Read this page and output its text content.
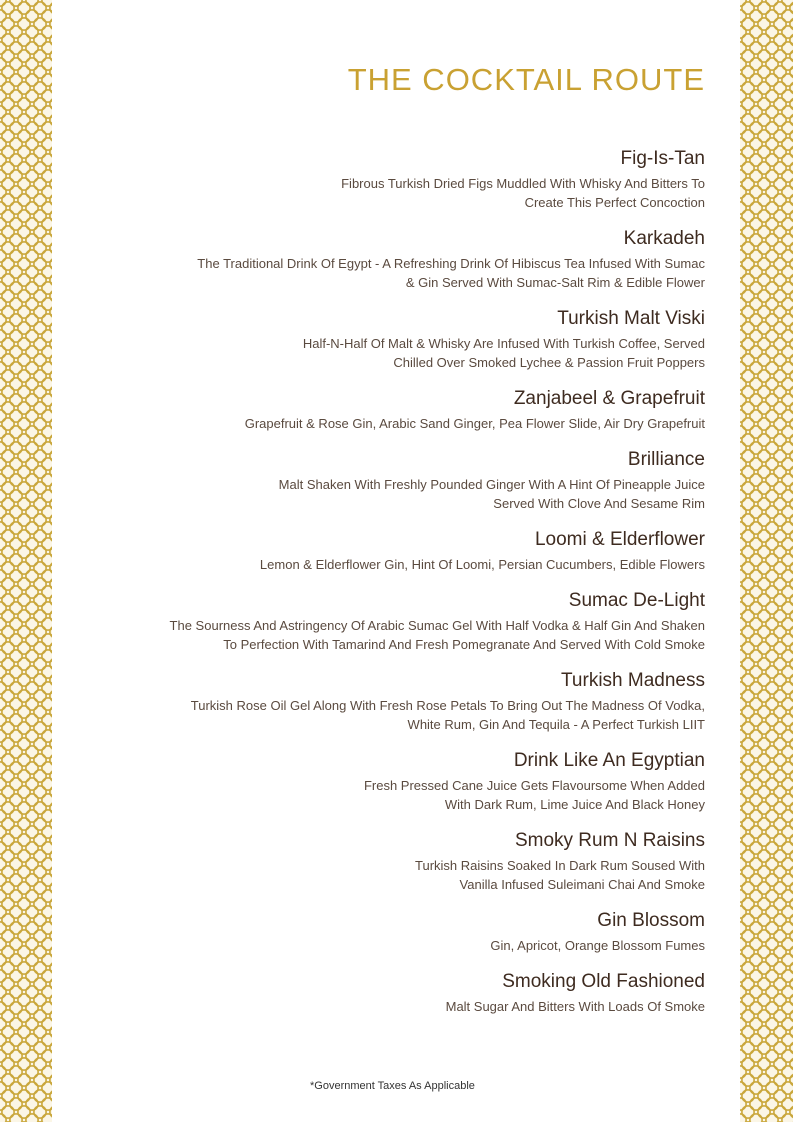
THE COCKTAIL ROUTE
Fig-Is-Tan
Fibrous Turkish Dried Figs Muddled With Whisky And Bitters To
Create This Perfect Concoction
Karkadeh
The Traditional Drink Of Egypt - A Refreshing Drink Of Hibiscus Tea Infused With Sumac
& Gin Served With Sumac-Salt Rim & Edible Flower
Turkish Malt Viski
Half-N-Half Of Malt & Whisky Are Infused With Turkish Coffee, Served
Chilled Over Smoked Lychee & Passion Fruit Poppers
Zanjabeel & Grapefruit
Grapefruit & Rose Gin, Arabic Sand Ginger, Pea Flower Slide, Air Dry Grapefruit
Brilliance
Malt Shaken With Freshly Pounded Ginger With A Hint Of Pineapple Juice
Served With Clove And Sesame Rim
Loomi & Elderflower
Lemon & Elderflower Gin, Hint Of Loomi, Persian Cucumbers, Edible Flowers
Sumac De-Light
The Sourness And Astringency Of Arabic Sumac Gel With Half Vodka & Half Gin And Shaken
To Perfection With Tamarind And Fresh Pomegranate And Served With Cold Smoke
Turkish Madness
Turkish Rose Oil Gel Along With Fresh Rose Petals To Bring Out The Madness Of Vodka,
White Rum, Gin And Tequila - A Perfect Turkish LIIT
Drink Like An Egyptian
Fresh Pressed Cane Juice Gets Flavoursome When Added
With Dark Rum, Lime Juice And Black Honey
Smoky Rum N Raisins
Turkish Raisins Soaked In Dark Rum Soused With
Vanilla Infused Suleimani Chai And Smoke
Gin Blossom
Gin, Apricot, Orange Blossom Fumes
Smoking Old Fashioned
Malt Sugar And Bitters With Loads Of Smoke
*Government Taxes As Applicable
